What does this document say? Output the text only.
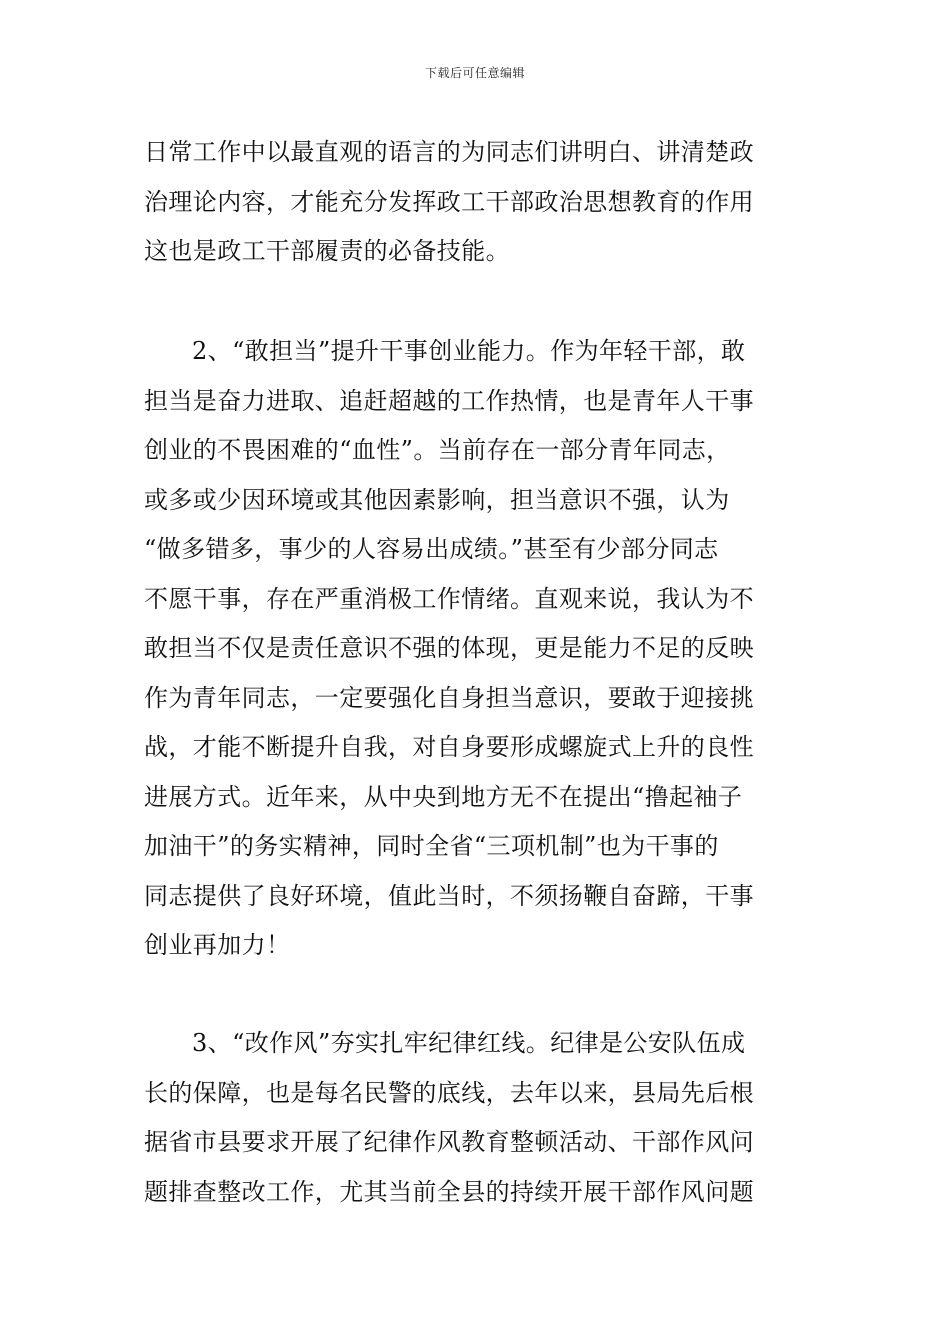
下载后可任意编辑
日常工作中以最直观的语言的为同志们讲明白、讲清楚政
治理论内容，才能充分发挥政工干部政治思想教育的作用
这也是政工干部履责的必备技能。
2、“敢担当”提升干事创业能力。作为年轻干部，敢
担当是奋力进取、追赶超越的工作热情，也是青年人干事
创业的不畏困难的“血性”。当前存在一部分青年同志，
或多或少因环境或其他因素影响，担当意识不强，认为
“做多错多，事少的人容易出成绩。”甚至有少部分同志
不愿干事，存在严重消极工作情绪。直观来说，我认为不
敢担当不仅是责任意识不强的体现，更是能力不足的反映
作为青年同志，一定要强化自身担当意识，要敢于迎接挑
战，才能不断提升自我，对自身要形成螺旋式上升的良性
进展方式。近年来，从中央到地方无不在提出“撸起袖子
加油干”的务实精神，同时全省“三项机制”也为干事的
同志提供了良好环境，值此当时，不须扬鞭自奋蹄，干事
创业再加力！
3、“改作风”夯实扎牢纪律红线。纪律是公安队伍成
长的保障，也是每名民警的底线，去年以来，县局先后根
据省市县要求开展了纪律作风教育整顿活动、干部作风问
题排查整改工作，尤其当前全县的持续开展干部作风问题
